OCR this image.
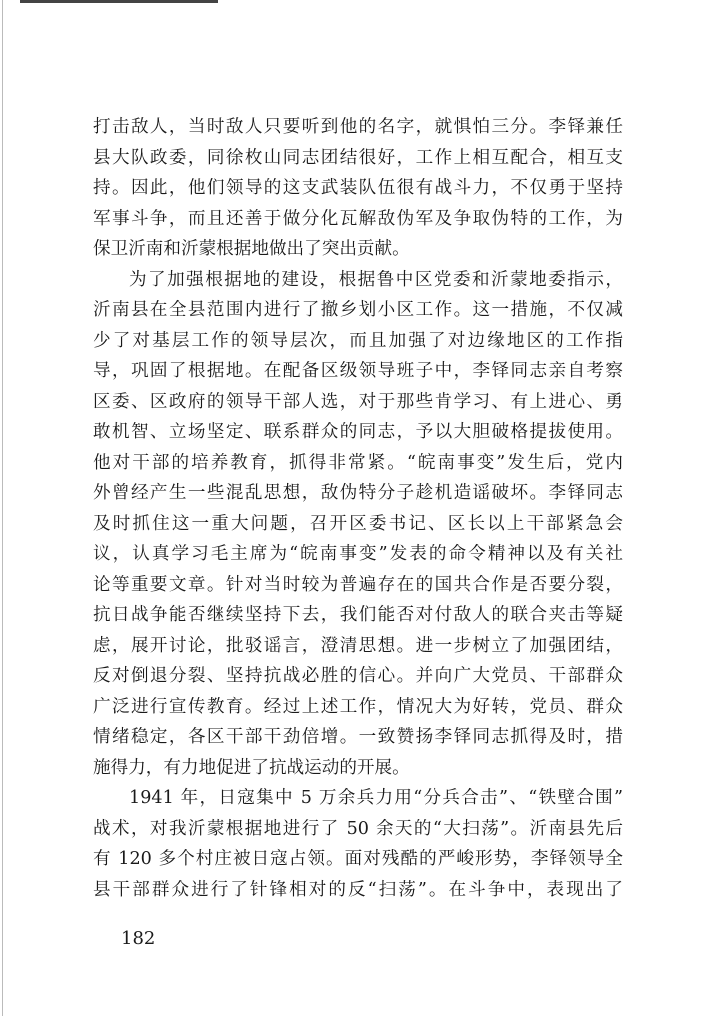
打击敌人，当时敌人只要听到他的名字，就惧怕三分。李铎兼任
县大队政委，同徐枚山同志团结很好，工作上相互配合，相互支
持。因此，他们领导的这支武装队伍很有战斗力，不仅勇于坚持
军事斗争，而且还善于做分化瓦解敌伪军及争取伪特的工作，为
保卫沂南和沂蒙根据地做出了突出贡献。
为了加强根据地的建设，根据鲁中区党委和沂蒙地委指示，
沂南县在全县范围内进行了撤乡划小区工作。这一措施，不仅减
少了对基层工作的领导层次，而且加强了对边缘地区的工作指
导，巩固了根据地。在配备区级领导班子中，李铎同志亲自考察
区委、区政府的领导干部人选，对于那些肯学习、有上进心、勇
敢机智、立场坚定、联系群众的同志，予以大胆破格提拔使用。
他对干部的培养教育，抓得非常紧。“皖南事变”发生后，党内
外曾经产生一些混乱思想，敌伪特分子趁机造谣破坏。李铎同志
及时抓住这一重大问题，召开区委书记、区长以上干部紧急会
议，认真学习毛主席为“皖南事变”发表的命令精神以及有关社
论等重要文章。针对当时较为普遍存在的国共合作是否要分裂，
抗日战争能否继续坚持下去，我们能否对付敌人的联合夹击等疑
虑，展开讨论，批驳谣言，澄清思想。进一步树立了加强团结，
反对倒退分裂、坚持抗战必胜的信心。并向广大党员、干部群众
广泛进行宣传教育。经过上述工作，情况大为好转，党员、群众
情绪稳定，各区干部干劲倍增。一致赞扬李铎同志抓得及时，措
施得力，有力地促进了抗战运动的开展。
1941 年，日寇集中 5 万余兵力用“分兵合击”、“铁壁合围”
战术，对我沂蒙根据地进行了 50 余天的“大扫荡”。沂南县先后
有 120 多个村庄被日寇占领。面对残酷的严峻形势，李铎领导全
县干部群众进行了针锋相对的反“扫荡”。在斗争中，表现出了
182
